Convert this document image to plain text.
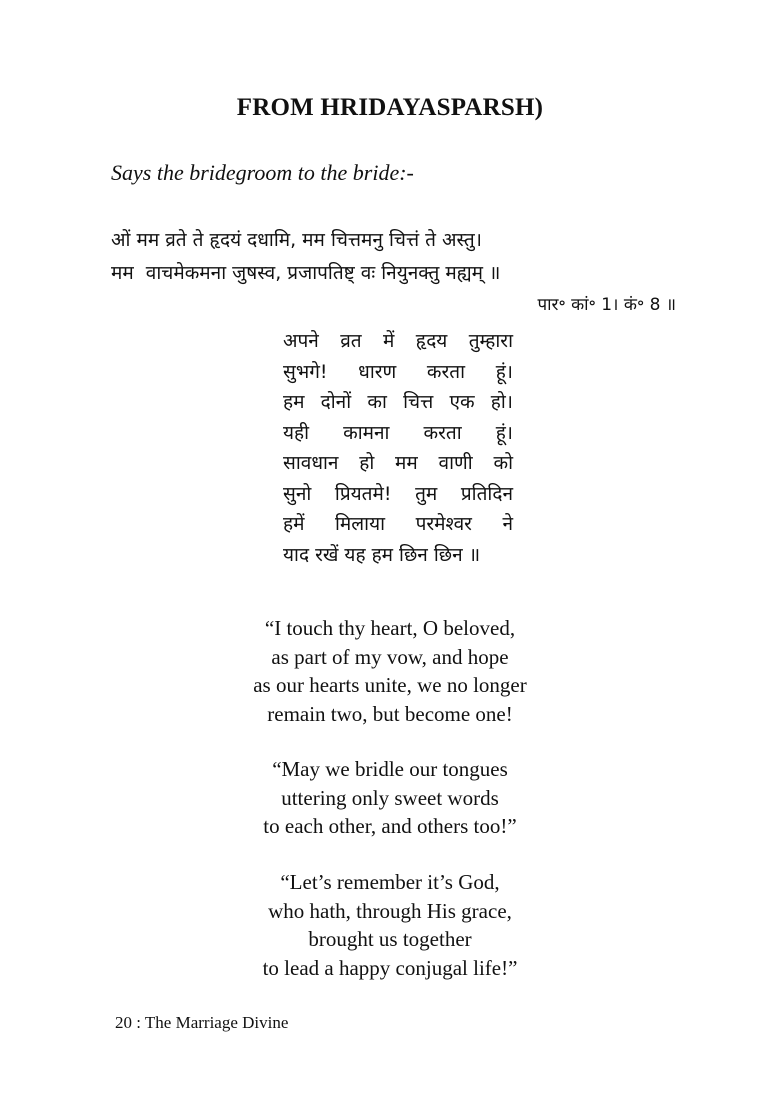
FROM HRIDAYASPARSH)
Says the bridegroom to the bride:-
ओं मम व्रते ते हृदयं दधामि, मम चित्तमनु चित्तं ते अस्तु।
मम  वाचमेकमना जुषस्व, प्रजापतिष्ट्‌ वः नियुनक्तु मह्यम्‌ ॥
पार॰ कां॰ 1। कं॰ 8 ॥
अपने व्रत में हृदय तुम्हारा
सुभगे! धारण करता हूं।
हम दोनों का चित्त एक हो।
यही कामना करता हूं।
सावधान हो मम वाणी को
सुनो प्रियतमे! तुम प्रतिदिन
हमें मिलाया परमेश्वर ने
याद रखें यह हम छिन छिन ॥
“I touch thy heart, O beloved,
as part of my vow, and hope
as our hearts unite, we no longer
remain two, but become one!
“May we bridle our tongues
uttering only sweet words
to each other, and others too!”
“Let’s remember it’s God,
who hath, through His grace,
brought us together
to lead a happy conjugal life!”
20 : The Marriage Divine
